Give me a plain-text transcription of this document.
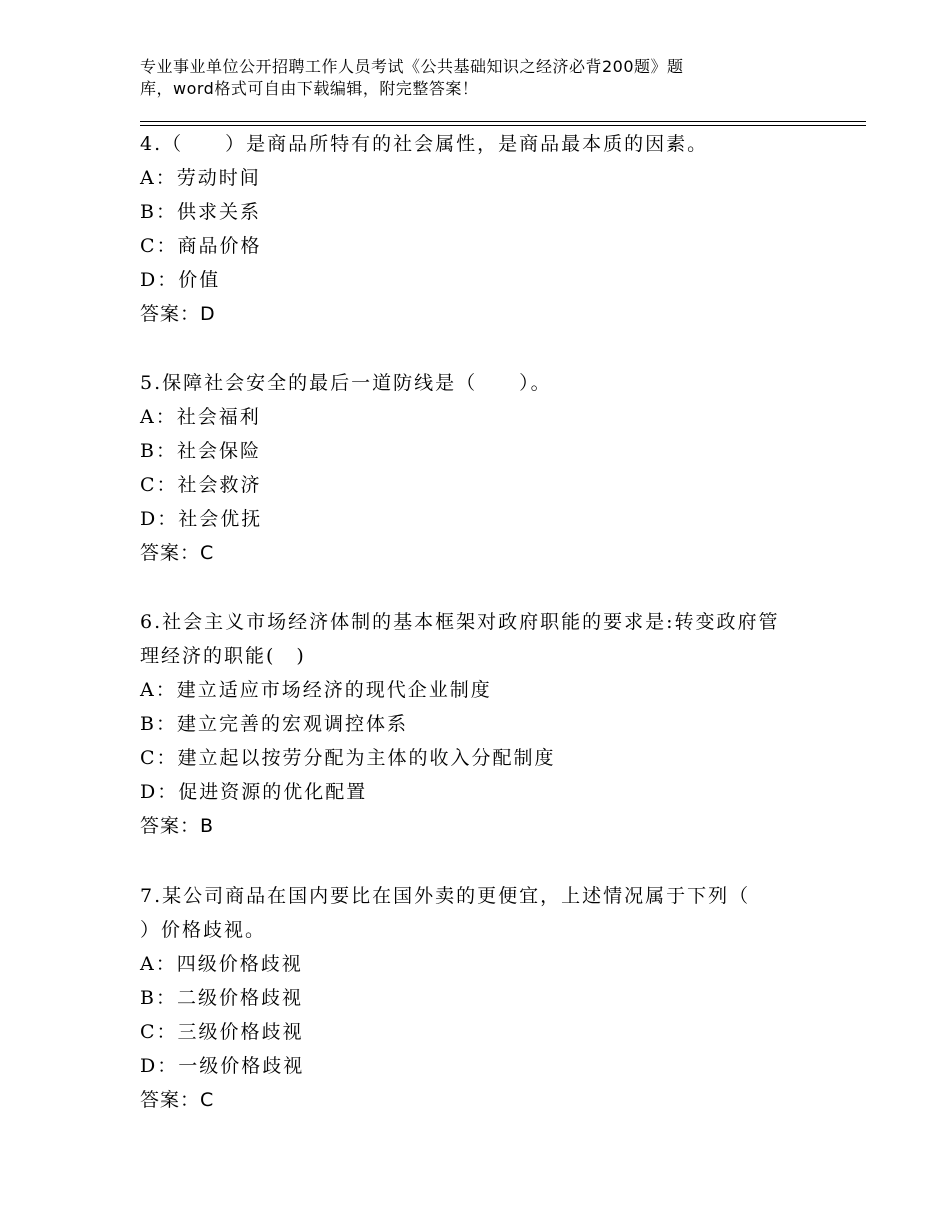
专业事业单位公开招聘工作人员考试《公共基础知识之经济必背200题》题
库，word格式可自由下载编辑，附完整答案！
4.（　　）是商品所特有的社会属性，是商品最本质的因素。
A：劳动时间
B：供求关系
C：商品价格
D：价值
答案：D
5.保障社会安全的最后一道防线是（　　）。
A：社会福利
B：社会保险
C：社会救济
D：社会优抚
答案：C
6.社会主义市场经济体制的基本框架对政府职能的要求是:转变政府管
理经济的职能(　)
A：建立适应市场经济的现代企业制度
B：建立完善的宏观调控体系
C：建立起以按劳分配为主体的收入分配制度
D：促进资源的优化配置
答案：B
7.某公司商品在国内要比在国外卖的更便宜，上述情况属于下列（
）价格歧视。
A：四级价格歧视
B：二级价格歧视
C：三级价格歧视
D：一级价格歧视
答案：C
